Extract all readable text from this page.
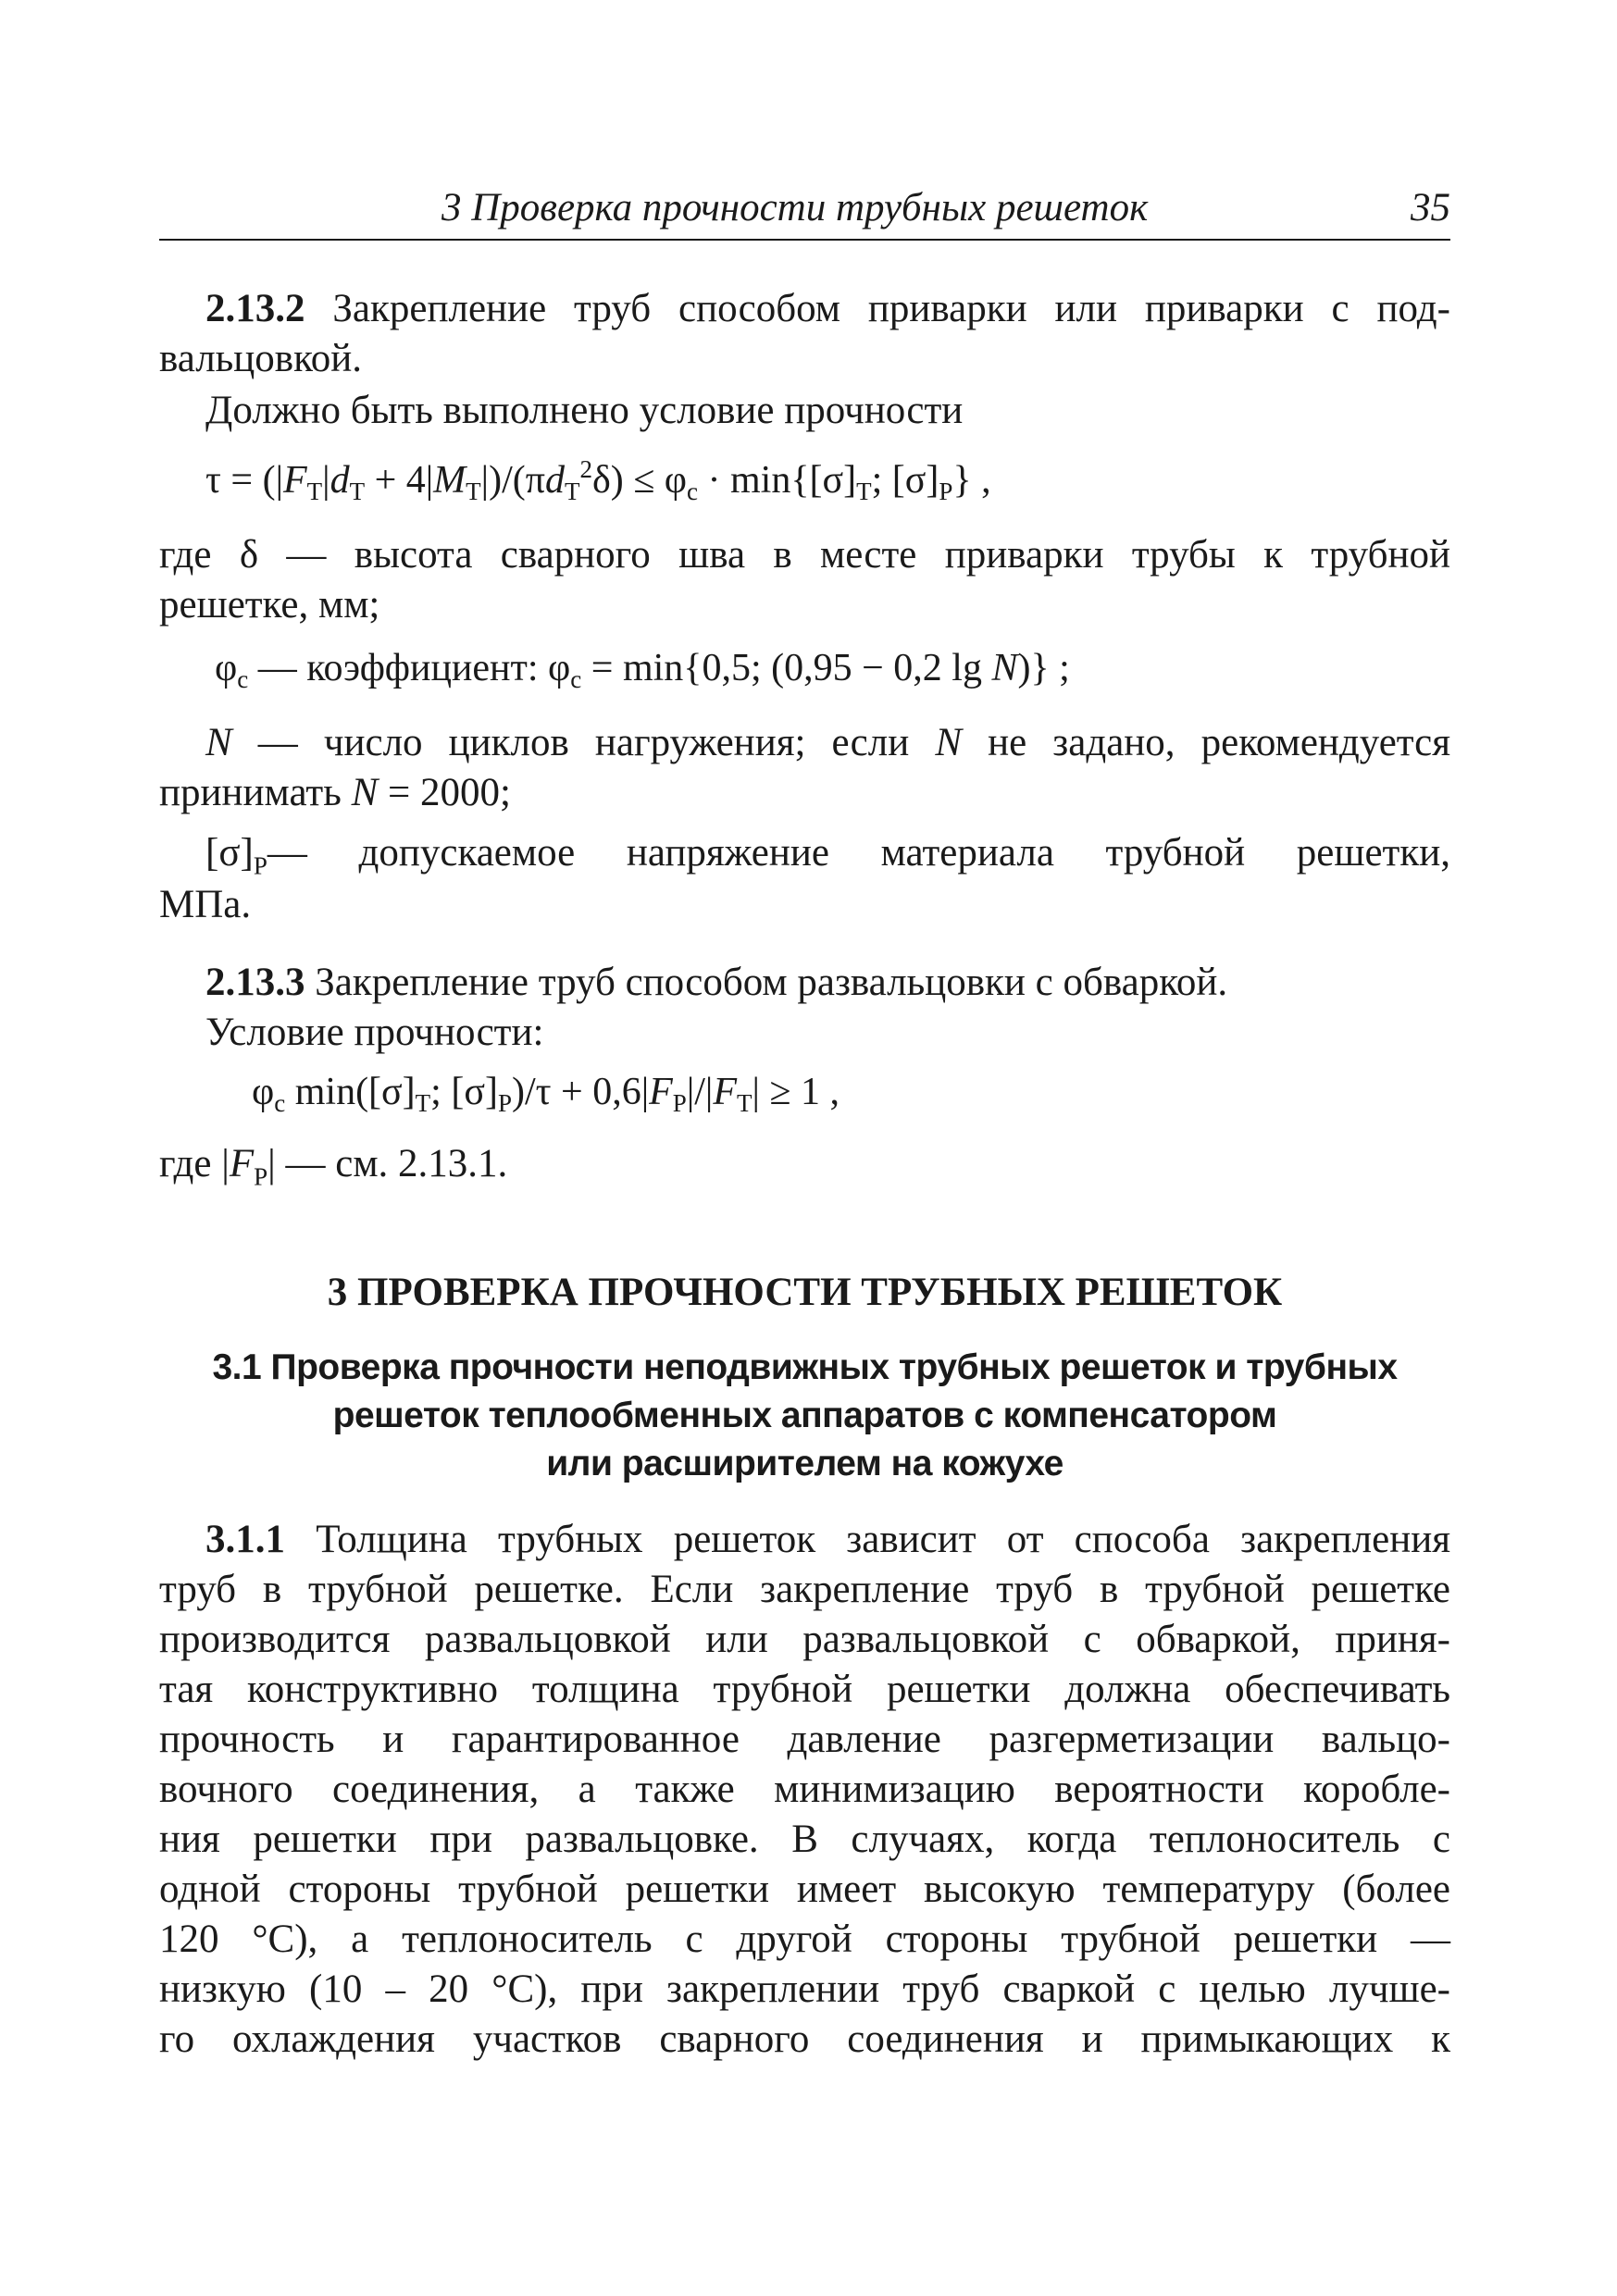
3 Проверка прочности трубных решеток	35
2.13.2 Закрепление труб способом приварки или приварки с под-
вальцовкой.
Должно быть выполнено условие прочности
$\tau = (|F_Т|d_Т + 4|M_Т|)/(\pi d_Т^2\delta) \le \varphi_c \cdot \min\{[\sigma]_Т$; $[\sigma]_Р$} ,
где δ — высота сварного шва в месте приварки трубы к трубной
решетке, мм;
$\varphi_c$ — коэффициент: $\varphi_c = \min\{0,5$; (0,95 − 0,2 lg N)} ;
N — число циклов нагружения; если N не задано, рекомендуется
принимать N = 2000;
$[\sigma]_Р—$ допускаемое напряжение материала трубной решетки,
МПа.
2.13.3 Закрепление труб способом развальцовки с обваркой.
Условие прочности:
$\varphi_c$ $\min([\sigma]_Т$; $[\sigma]_Р)/\tau + 0,6|F_Р|/|F_Т| \ge 1$ ,
где $|F_Р|$ — см. 2.13.1.
3 ПРОВЕРКА ПРОЧНОСТИ ТРУБНЫХ РЕШЕТОК
3.1 Проверка прочности неподвижных трубных решеток и трубных
решеток теплообменных аппаратов с компенсатором
или расширителем на кожухе
3.1.1 Толщина трубных решеток зависит от способа закрепления
труб в трубной решетке. Если закрепление труб в трубной решетке
производится развальцовкой или развальцовкой с обваркой, приня-
тая конструктивно толщина трубной решетки должна обеспечивать
прочность и гарантированное давление разгерметизации вальцо-
вочного соединения, а также минимизацию вероятности коробле-
ния решетки при развальцовке. В случаях, когда теплоноситель с
одной стороны трубной решетки имеет высокую температуру (более
120 °С), а теплоноситель с другой стороны трубной решетки —
низкую (10 – 20 °С), при закреплении труб сваркой с целью лучше-
го охлаждения участков сварного соединения и примыкающих к
